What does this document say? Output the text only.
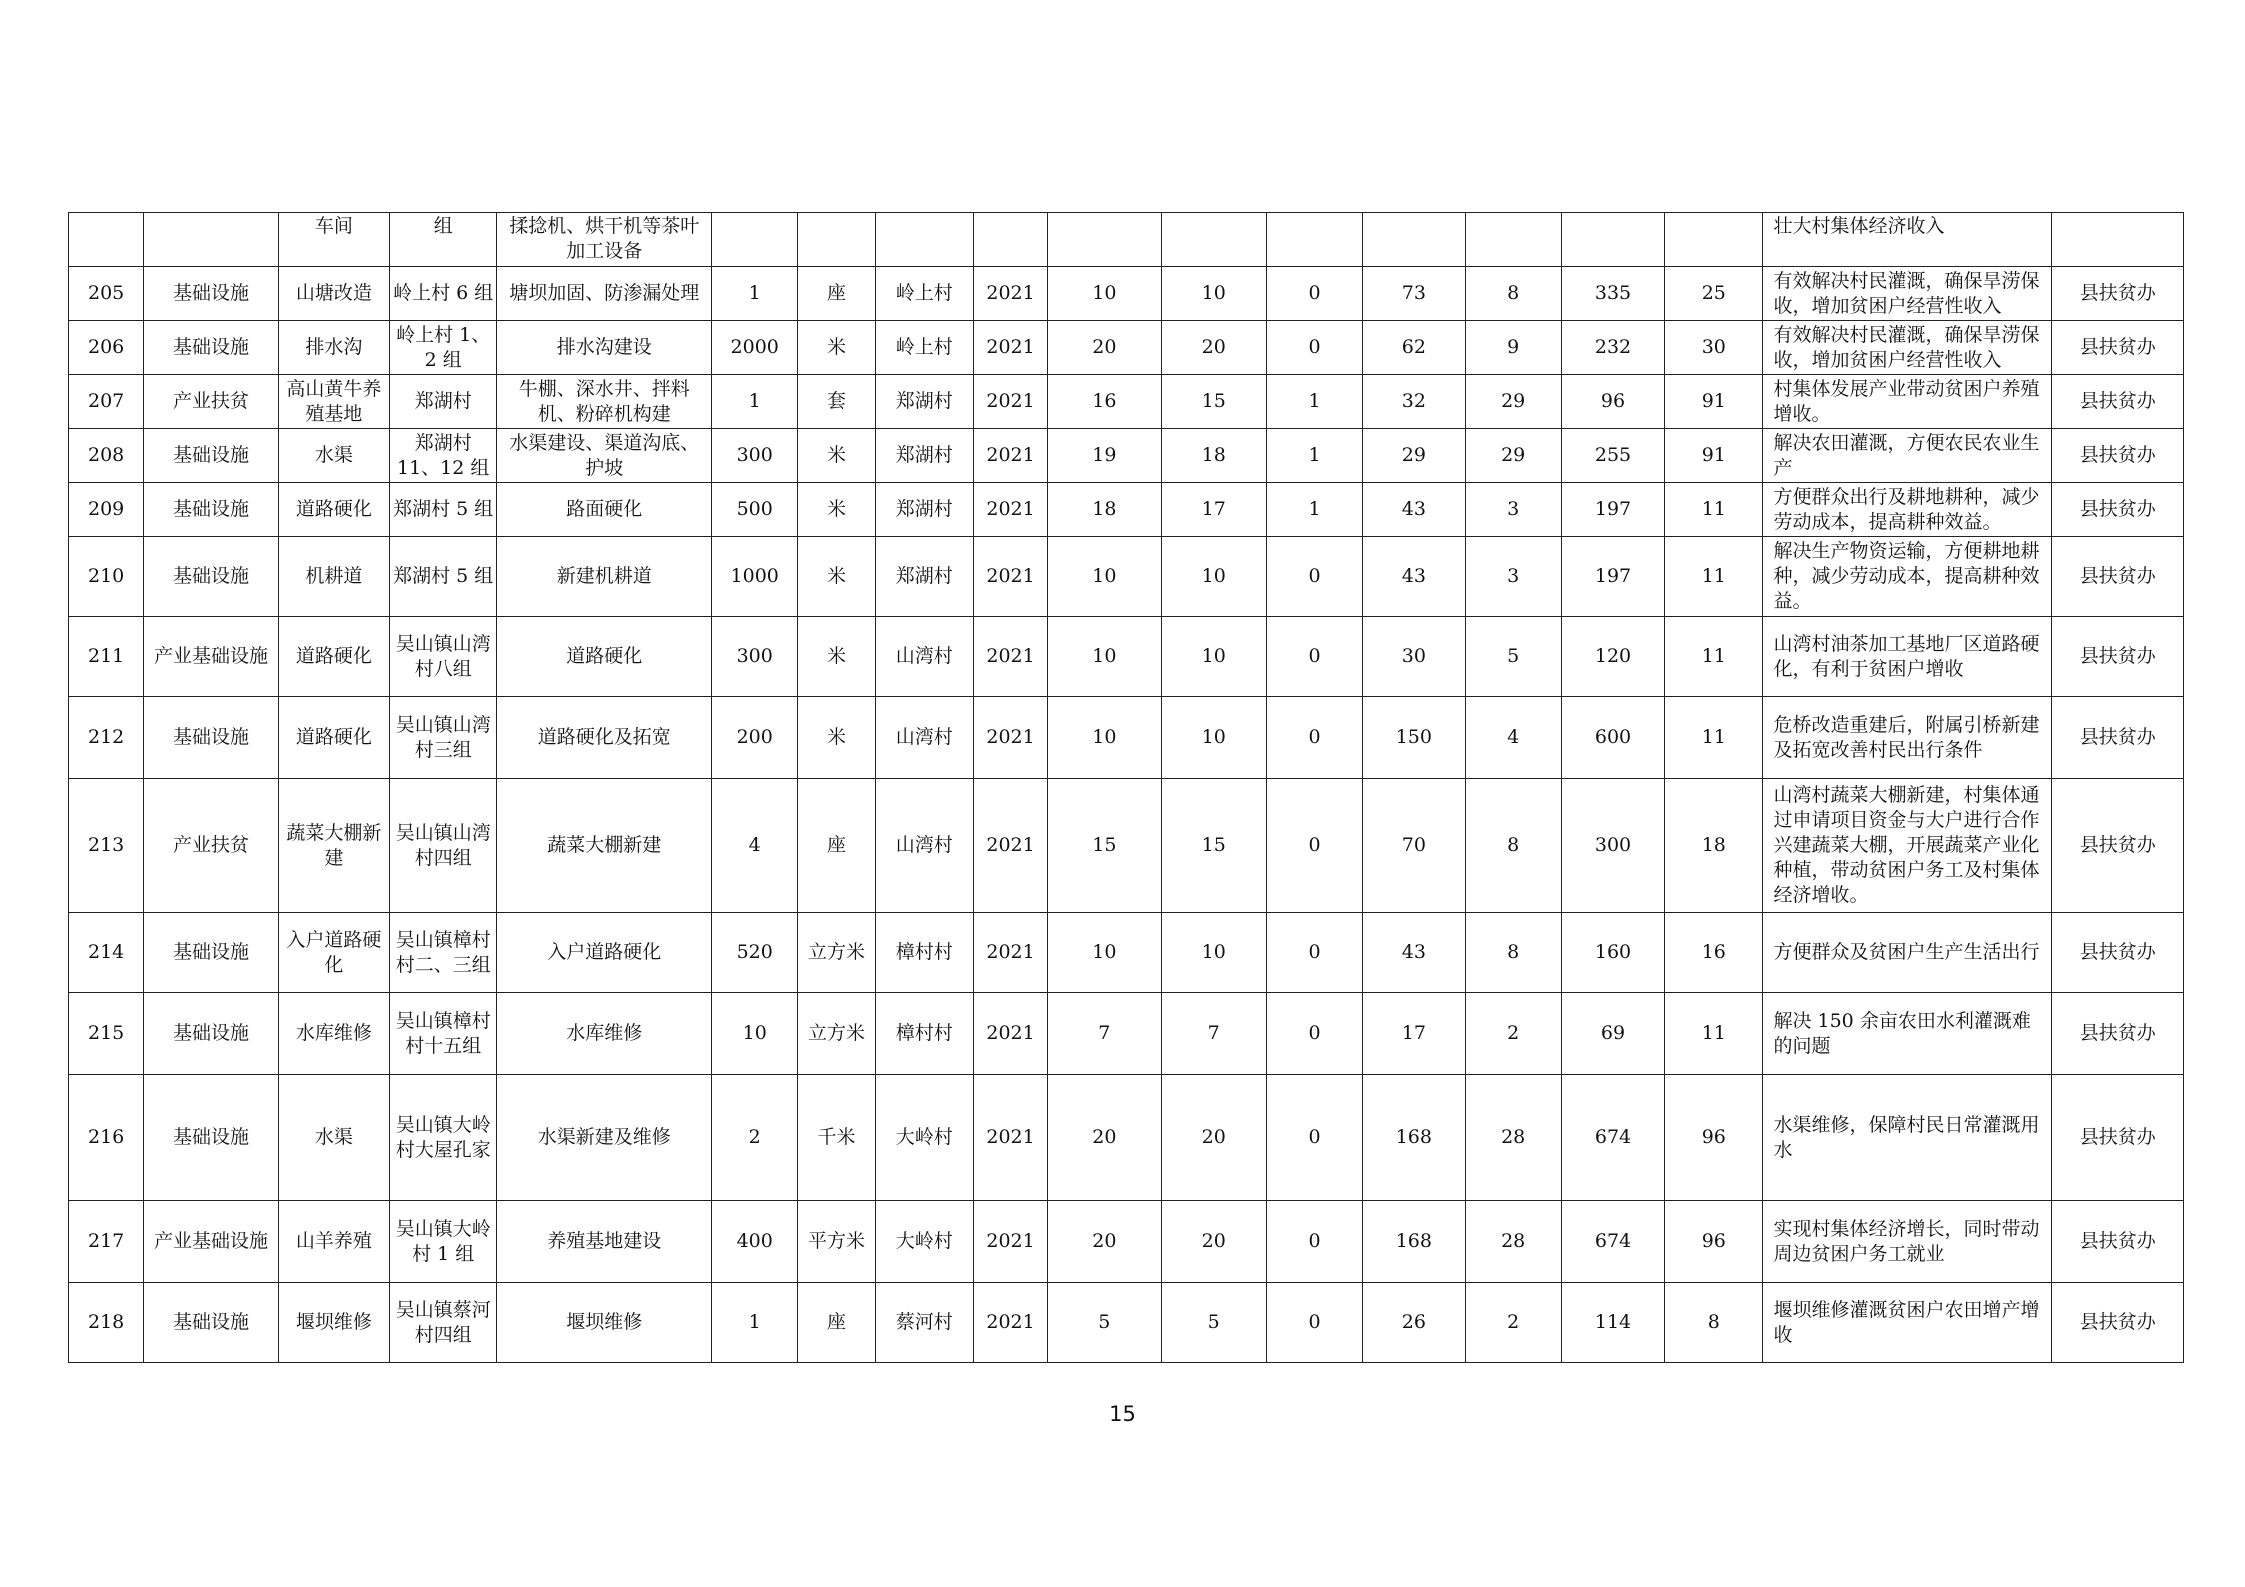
		车间	组	揉捻机、烘干机等茶叶加工设备												壮大村集体经济收入	
205	基础设施	山塘改造	岭上村 6 组	塘坝加固、防渗漏处理	1	座	岭上村	2021	10	10	0	73	8	335	25	有效解决村民灌溉，确保旱涝保收，增加贫困户经营性收入	县扶贫办
206	基础设施	排水沟	岭上村 1、2 组	排水沟建设	2000	米	岭上村	2021	20	20	0	62	9	232	30	有效解决村民灌溉，确保旱涝保收，增加贫困户经营性收入	县扶贫办
207	产业扶贫	高山黄牛养殖基地	郑湖村	牛棚、深水井、拌料机、粉碎机构建	1	套	郑湖村	2021	16	15	1	32	29	96	91	村集体发展产业带动贫困户养殖增收。	县扶贫办
208	基础设施	水渠	郑湖村 11、12 组	水渠建设、渠道沟底、护坡	300	米	郑湖村	2021	19	18	1	29	29	255	91	解决农田灌溉，方便农民农业生产	县扶贫办
209	基础设施	道路硬化	郑湖村 5 组	路面硬化	500	米	郑湖村	2021	18	17	1	43	3	197	11	方便群众出行及耕地耕种，减少劳动成本，提高耕种效益。	县扶贫办
210	基础设施	机耕道	郑湖村 5 组	新建机耕道	1000	米	郑湖村	2021	10	10	0	43	3	197	11	解决生产物资运输，方便耕地耕种，减少劳动成本，提高耕种效益。	县扶贫办
211	产业基础设施	道路硬化	吴山镇山湾村八组	道路硬化	300	米	山湾村	2021	10	10	0	30	5	120	11	山湾村油茶加工基地厂区道路硬化，有利于贫困户增收	县扶贫办
212	基础设施	道路硬化	吴山镇山湾村三组	道路硬化及拓宽	200	米	山湾村	2021	10	10	0	150	4	600	11	危桥改造重建后，附属引桥新建及拓宽改善村民出行条件	县扶贫办
213	产业扶贫	蔬菜大棚新建	吴山镇山湾村四组	蔬菜大棚新建	4	座	山湾村	2021	15	15	0	70	8	300	18	山湾村蔬菜大棚新建，村集体通过申请项目资金与大户进行合作兴建蔬菜大棚，开展蔬菜产业化种植，带动贫困户务工及村集体经济增收。	县扶贫办
214	基础设施	入户道路硬化	吴山镇樟村村二、三组	入户道路硬化	520	立方米	樟村村	2021	10	10	0	43	8	160	16	方便群众及贫困户生产生活出行	县扶贫办
215	基础设施	水库维修	吴山镇樟村村十五组	水库维修	10	立方米	樟村村	2021	7	7	0	17	2	69	11	解决 150 余亩农田水利灌溉难的问题	县扶贫办
216	基础设施	水渠	吴山镇大岭村大屋孔家	水渠新建及维修	2	千米	大岭村	2021	20	20	0	168	28	674	96	水渠维修，保障村民日常灌溉用水	县扶贫办
217	产业基础设施	山羊养殖	吴山镇大岭村 1 组	养殖基地建设	400	平方米	大岭村	2021	20	20	0	168	28	674	96	实现村集体经济增长，同时带动周边贫困户务工就业	县扶贫办
218	基础设施	堰坝维修	吴山镇蔡河村四组	堰坝维修	1	座	蔡河村	2021	5	5	0	26	2	114	8	堰坝维修灌溉贫困户农田增产增收	县扶贫办
15
